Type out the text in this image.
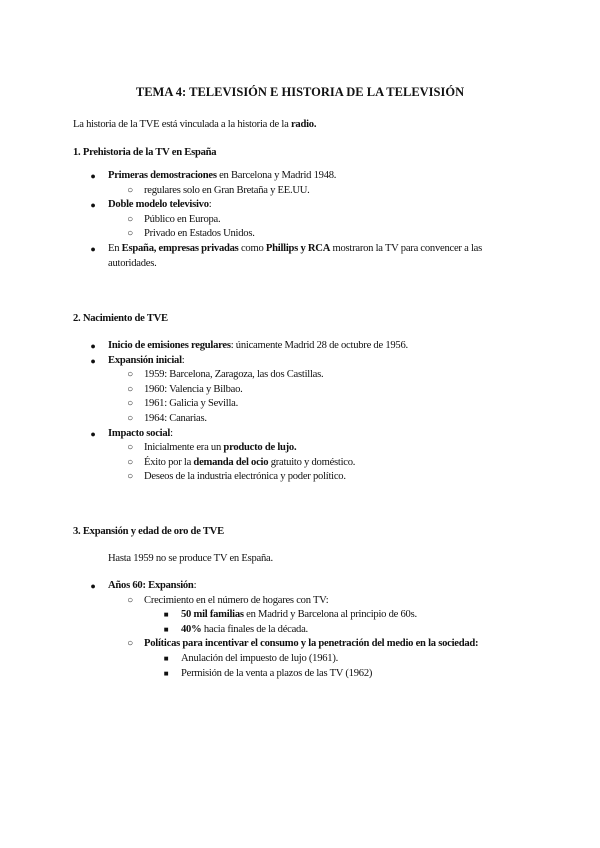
TEMA 4: TELEVISIÓN E HISTORIA DE LA TELEVISIÓN
La historia de la TVE está vinculada a la historia de la radio.
1. Prehistoria de la TV en España
●	Primeras demostraciones en Barcelona y Madrid 1948.
○	regulares solo en Gran Bretaña y EE.UU.
●	Doble modelo televisivo:
○	Público en Europa.
○	Privado en Estados Unidos.
●	En España, empresas privadas como Phillips y RCA mostraron la TV para convencer a las autoridades.
2. Nacimiento de TVE
●	Inicio de emisiones regulares: únicamente Madrid 28 de octubre de 1956.
●	Expansión inicial:
○	1959: Barcelona, Zaragoza, las dos Castillas.
○	1960: Valencia y Bilbao.
○	1961: Galicia y Sevilla.
○	1964: Canarias.
●	Impacto social:
○	Inicialmente era un producto de lujo.
○	Éxito por la demanda del ocio gratuito y doméstico.
○	Deseos de la industria electrónica y poder político.
3. Expansión y edad de oro de TVE
Hasta 1959 no se produce TV en España.
●	Años 60: Expansión:
○	Crecimiento en el número de hogares con TV:
■	50 mil familias en Madrid y Barcelona al principio de 60s.
■	40% hacia finales de la década.
○	Políticas para incentivar el consumo y la penetración del medio en la sociedad:
■	Anulación del impuesto de lujo (1961).
■	Permisión de la venta a plazos de las TV (1962)
